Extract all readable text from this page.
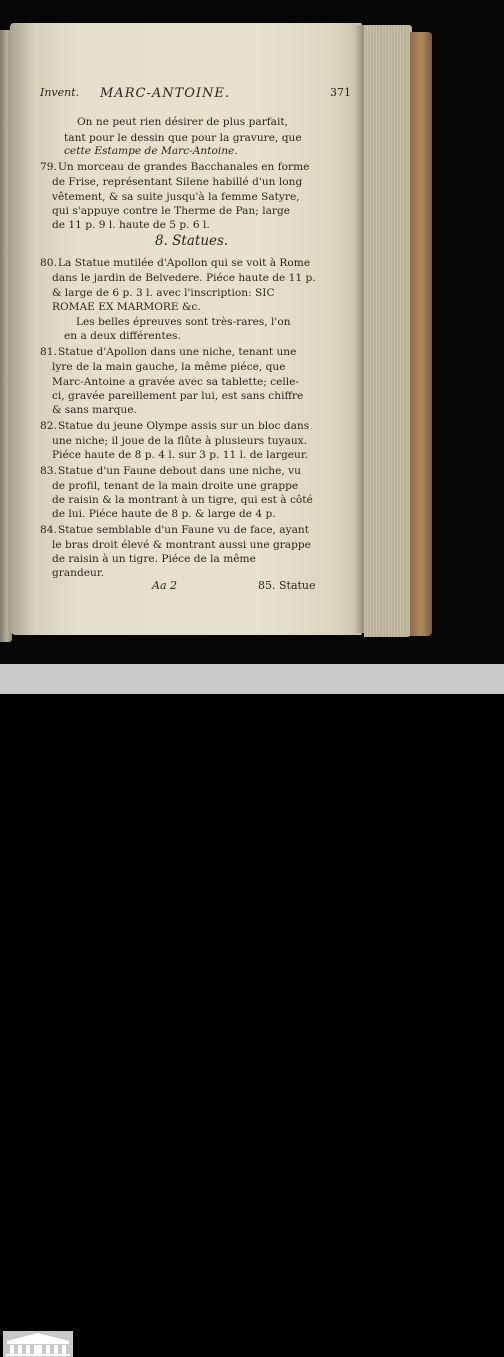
Invent. MARC-ANTOINE.	371
On ne peut rien désirer de plus parfait,
tant pour le dessin que pour la gravure, que
cette Estampe de Marc-Antoine.
79. Un morceau de grandes Bacchanales en forme
de Frise, représentant Silene habillé d'un long
vêtement, & sa suite jusqu'à la femme Satyre,
qui s'appuye contre le Therme de Pan; large
de 11 p. 9 l. haute de 5 p. 6 l.
8. Statues.
80. La Statue mutilée d'Apollon qui se voit à Rome
dans le jardin de Belvedere. Piéce haute de 11 p.
& large de 6 p. 3 l. avec l'inscription: SIC
ROMAE EX MARMORE &c.
Les belles épreuves sont très-rares, l'on
en a deux différentes.
81. Statue d'Apollon dans une niche, tenant une
lyre de la main gauche, la même piéce, que
Marc-Antoine a gravée avec sa tablette; celle-
ci, gravée pareillement par lui, est sans chiffre
& sans marque.
82. Statue du jeune Olympe assis sur un bloc dans
une niche; il joue de la flûte à plusieurs tuyaux.
Piéce haute de 8 p. 4 l. sur 3 p. 11 l. de largeur.
83. Statue d'un Faune debout dans une niche, vu
de profil, tenant de la main droite une grappe
de raisin & la montrant à un tigre, qui est à côté
de lui. Piéce haute de 8 p. & large de 4 p.
84. Statue semblable d'un Faune vu de face, ayant
le bras droit élevé & montrant aussi une grappe
de raisin à un tigre. Piéce de la même
grandeur.
Aa 2	85. Statue
